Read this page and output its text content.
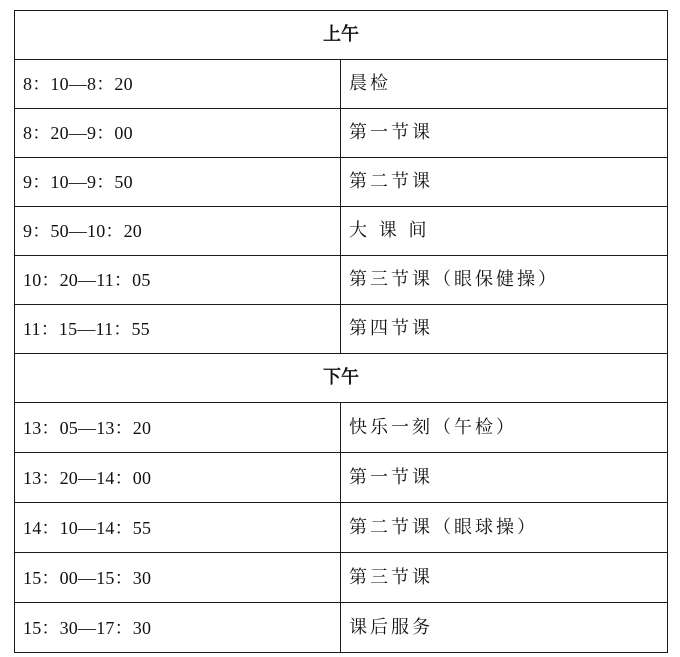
上午	
8：10—8：20	晨检
8：20—9：00	第一节课
9：10—9：50	第二节课
9：50—10：20	大 课 间
10：20—11：05	第三节课（眼保健操）
11：15—11：55	第四节课
下午	
13：05—13：20	快乐一刻（午检）
13：20—14：00	第一节课
14：10—14：55	第二节课（眼球操）
15：00—15：30	第三节课
15：30—17：30	课后服务
